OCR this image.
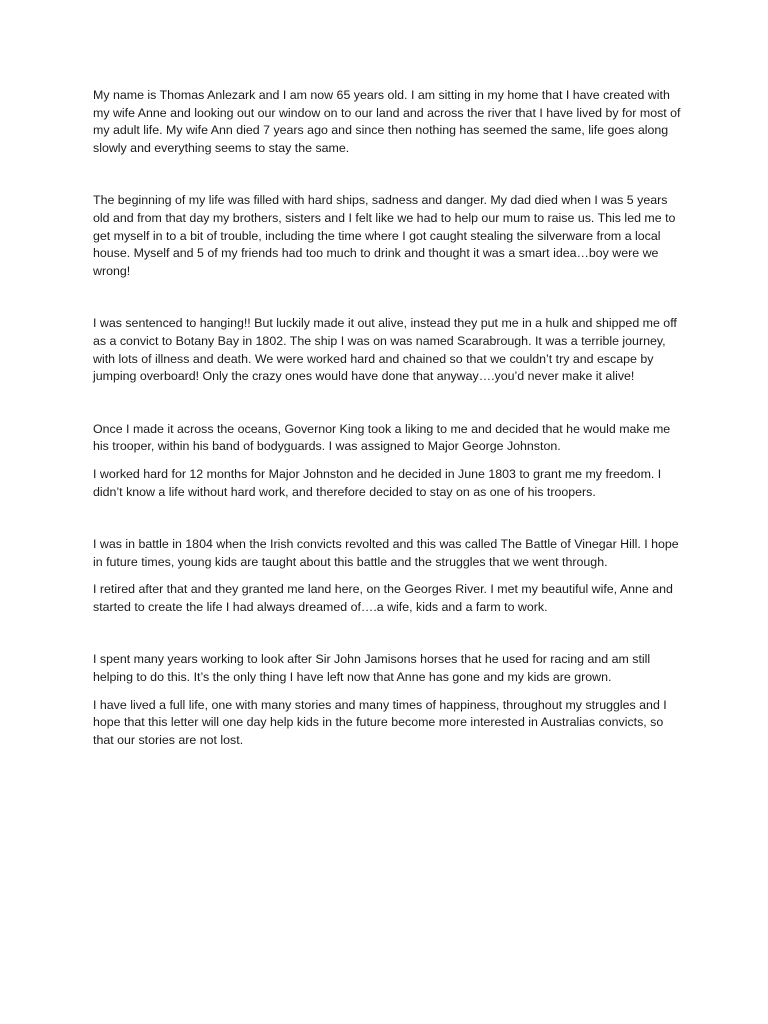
My name is Thomas Anlezark and I am now 65 years old. I am sitting in my home that I have created with my wife Anne and looking out our window on to our land and across the river that I have lived by for most of my adult life. My wife Ann died 7 years ago and since then nothing has seemed the same, life goes along slowly and everything seems to stay the same.

The beginning of my life was filled with hard ships, sadness and danger. My dad died when I was 5 years old and from that day my brothers, sisters and I felt like we had to help our mum to raise us. This led me to get myself in to a bit of trouble, including the time where I got caught stealing the silverware from a local house. Myself and 5 of my friends had too much to drink and thought it was a smart idea…boy were we wrong!

I was sentenced to hanging!! But luckily made it out alive, instead they put me in a hulk and shipped me off as a convict to Botany Bay in 1802. The ship I was on was named Scarabrough. It was a terrible journey, with lots of illness and death. We were worked hard and chained so that we couldn’t try and escape by jumping overboard! Only the crazy ones would have done that anyway….you’d never make it alive!

Once I made it across the oceans, Governor King took a liking to me and decided that he would make me his trooper, within his band of bodyguards. I was assigned to Major George Johnston.

I worked hard for 12 months for Major Johnston and he decided in June 1803 to grant me my freedom. I didn’t know a life without hard work, and therefore decided to stay on as one of his troopers.

I was in battle in 1804 when the Irish convicts revolted and this was called The Battle of Vinegar Hill. I hope in future times, young kids are taught about this battle and the struggles that we went through.

I retired after that and they granted me land here, on the Georges River. I met my beautiful wife, Anne and started to create the life I had always dreamed of….a wife, kids and a farm to work.

I spent many years working to look after Sir John Jamisons horses that he used for racing and am still helping to do this. It’s the only thing I have left now that Anne has gone and my kids are grown.

I have lived a full life, one with many stories and many times of happiness, throughout my struggles and I hope that this letter will one day help kids in the future become more interested in Australias convicts, so that our stories are not lost.
